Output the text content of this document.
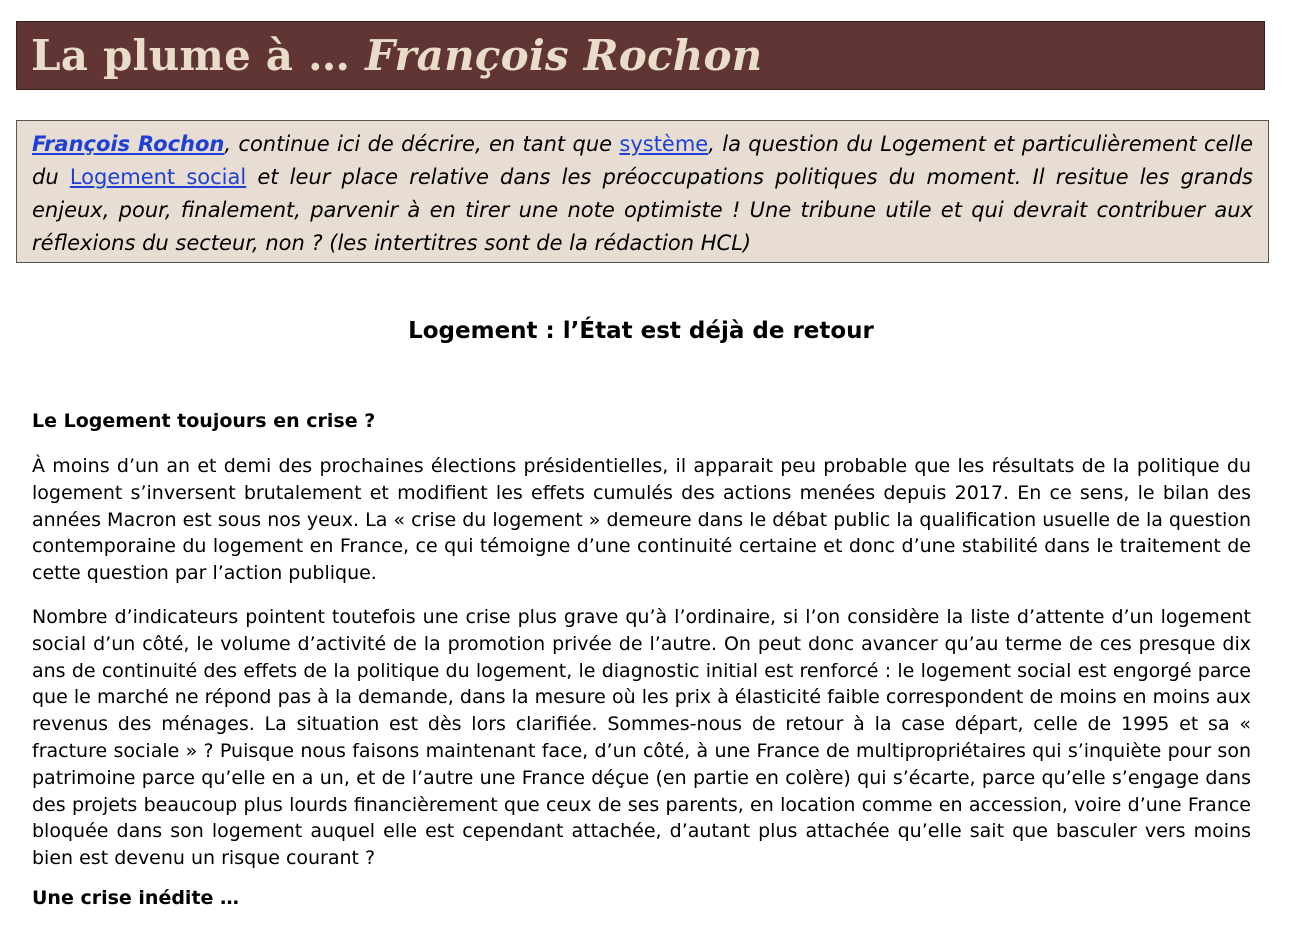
La plume à … François Rochon

François Rochon, continue ici de décrire, en tant que système, la question du Logement et particulièrement celle du Logement social et leur place relative dans les préoccupations politiques du moment. Il resitue les grands enjeux, pour, finalement, parvenir à en tirer une note optimiste ! Une tribune utile et qui devrait contribuer aux réflexions du secteur, non ? (les intertitres sont de la rédaction HCL)

Logement : l’État est déjà de retour
Le Logement toujours en crise ?

À moins d’un an et demi des prochaines élections présidentielles, il apparait peu probable que les résultats de la politique du logement s’inversent brutalement et modifient les effets cumulés des actions menées depuis 2017. En ce sens, le bilan des années Macron est sous nos yeux. La « crise du logement » demeure dans le débat public la qualification usuelle de la question contemporaine du logement en France, ce qui témoigne d’une continuité certaine et donc d’une stabilité dans le traitement de cette question par l’action publique.

Nombre d’indicateurs pointent toutefois une crise plus grave qu’à l’ordinaire, si l’on considère la liste d’attente d’un logement social d’un côté, le volume d’activité de la promotion privée de l’autre. On peut donc avancer qu’au terme de ces presque dix ans de continuité des effets de la politique du logement, le diagnostic initial est renforcé : le logement social est engorgé parce que le marché ne répond pas à la demande, dans la mesure où les prix à élasticité faible correspondent de moins en moins aux revenus des ménages. La situation est dès lors clarifiée. Sommes-nous de retour à la case départ, celle de 1995 et sa « fracture sociale » ? Puisque nous faisons maintenant face, d’un côté, à une France de multipropriétaires qui s’inquiète pour son patrimoine parce qu’elle en a un, et de l’autre une France déçue (en partie en colère) qui s’écarte, parce qu’elle s’engage dans des projets beaucoup plus lourds financièrement que ceux de ses parents, en location comme en accession, voire d’une France bloquée dans son logement auquel elle est cependant attachée, d’autant plus attachée qu’elle sait que basculer vers moins bien est devenu un risque courant ?

Une crise inédite …
